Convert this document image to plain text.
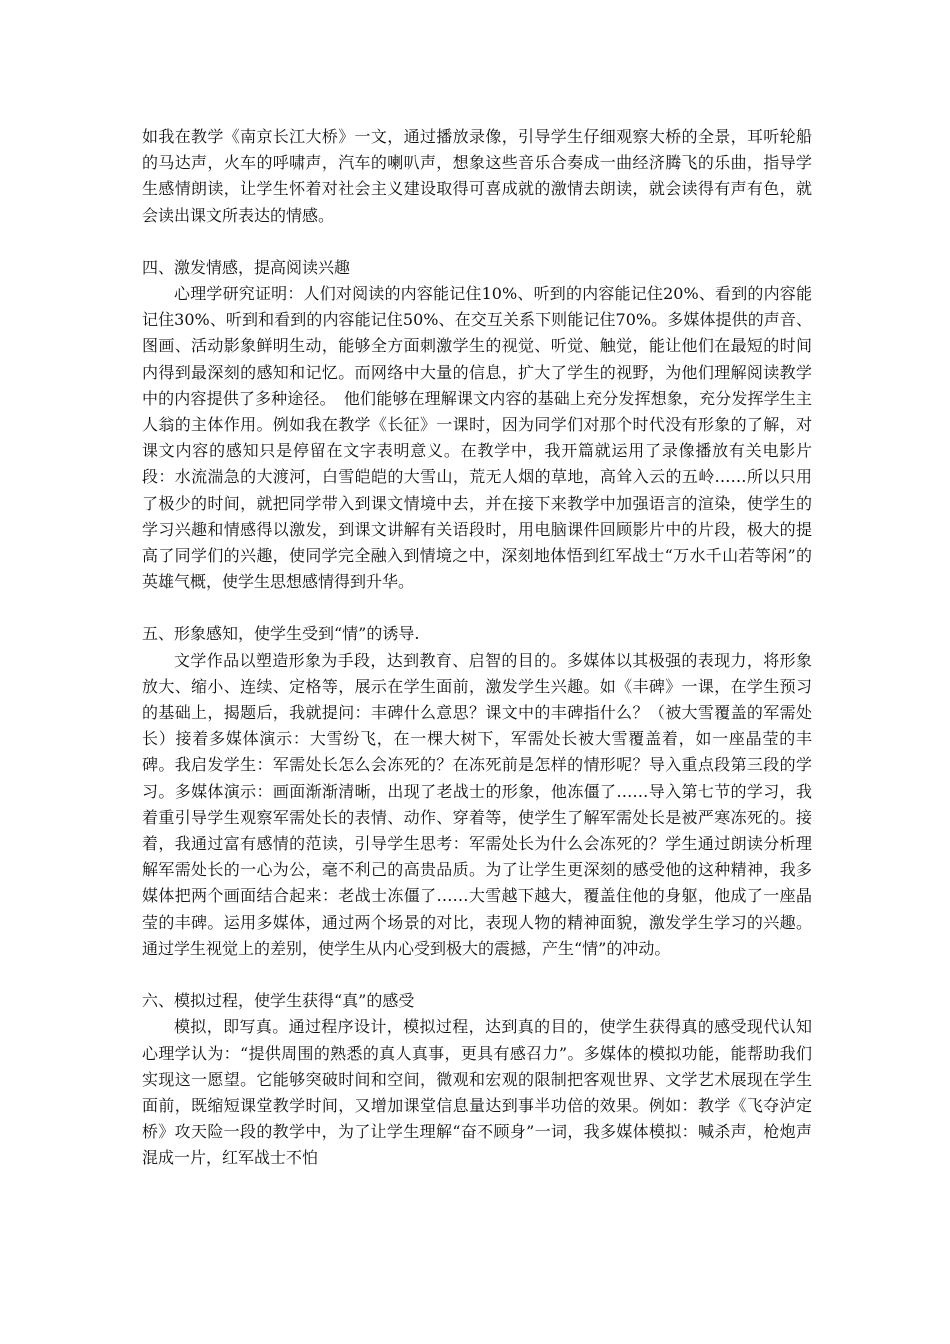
如我在教学《南京长江大桥》一文，通过播放录像，引导学生仔细观察大桥的全景，耳听轮船的马达声，火车的呼啸声，汽车的喇叭声，想象这些音乐合奏成一曲经济腾飞的乐曲，指导学生感情朗读，让学生怀着对社会主义建设取得可喜成就的激情去朗读，就会读得有声有色，就会读出课文所表达的情感。

四、激发情感，提高阅读兴趣

心理学研究证明：人们对阅读的内容能记住10%、听到的内容能记住20%、看到的内容能记住30%、听到和看到的内容能记住50%、在交互关系下则能记住70%。多媒体提供的声音、图画、活动影象鲜明生动，能够全方面刺激学生的视觉、听觉、触觉，能让他们在最短的时间内得到最深刻的感知和记忆。而网络中大量的信息，扩大了学生的视野，为他们理解阅读教学中的内容提供了多种途径。　他们能够在理解课文内容的基础上充分发挥想象，充分发挥学生主人翁的主体作用。例如我在教学《长征》一课时，因为同学们对那个时代没有形象的了解，对课文内容的感知只是停留在文字表明意义。在教学中，我开篇就运用了录像播放有关电影片段：水流湍急的大渡河，白雪皑皑的大雪山，荒无人烟的草地，高耸入云的五岭……所以只用了极少的时间，就把同学带入到课文情境中去，并在接下来教学中加强语言的渲染，使学生的学习兴趣和情感得以激发，到课文讲解有关语段时，用电脑课件回顾影片中的片段，极大的提高了同学们的兴趣，使同学完全融入到情境之中，深刻地体悟到红军战士“万水千山若等闲”的英雄气概，使学生思想感情得到升华。

五、形象感知，使学生受到“情”的诱导.

文学作品以塑造形象为手段，达到教育、启智的目的。多媒体以其极强的表现力，将形象放大、缩小、连续、定格等，展示在学生面前，激发学生兴趣。如《丰碑》一课，在学生预习的基础上，揭题后，我就提问：丰碑什么意思？课文中的丰碑指什么？（被大雪覆盖的军需处长）接着多媒体演示：大雪纷飞，在一棵大树下，军需处长被大雪覆盖着，如一座晶莹的丰碑。我启发学生：军需处长怎么会冻死的？在冻死前是怎样的情形呢？导入重点段第三段的学习。多媒体演示：画面渐渐清晰，出现了老战士的形象，他冻僵了……导入第七节的学习，我着重引导学生观察军需处长的表情、动作、穿着等，使学生了解军需处长是被严寒冻死的。接着，我通过富有感情的范读，引导学生思考：军需处长为什么会冻死的？学生通过朗读分析理解军需处长的一心为公，毫不利己的高贵品质。为了让学生更深刻的感受他的这种精神，我多媒体把两个画面结合起来：老战士冻僵了……大雪越下越大，覆盖住他的身躯，他成了一座晶莹的丰碑。运用多媒体，通过两个场景的对比，表现人物的精神面貌，激发学生学习的兴趣。通过学生视觉上的差别，使学生从内心受到极大的震撼，产生“情”的冲动。

六、模拟过程，使学生获得“真”的感受

模拟，即写真。通过程序设计，模拟过程，达到真的目的，使学生获得真的感受现代认知心理学认为：“提供周围的熟悉的真人真事，更具有感召力”。多媒体的模拟功能，能帮助我们实现这一愿望。它能够突破时间和空间，微观和宏观的限制把客观世界、文学艺术展现在学生面前，既缩短课堂教学时间，又增加课堂信息量达到事半功倍的效果。例如：教学《飞夺泸定桥》攻天险一段的教学中，为了让学生理解“奋不顾身”一词，我多媒体模拟：喊杀声，枪炮声混成一片，红军战士不怕
